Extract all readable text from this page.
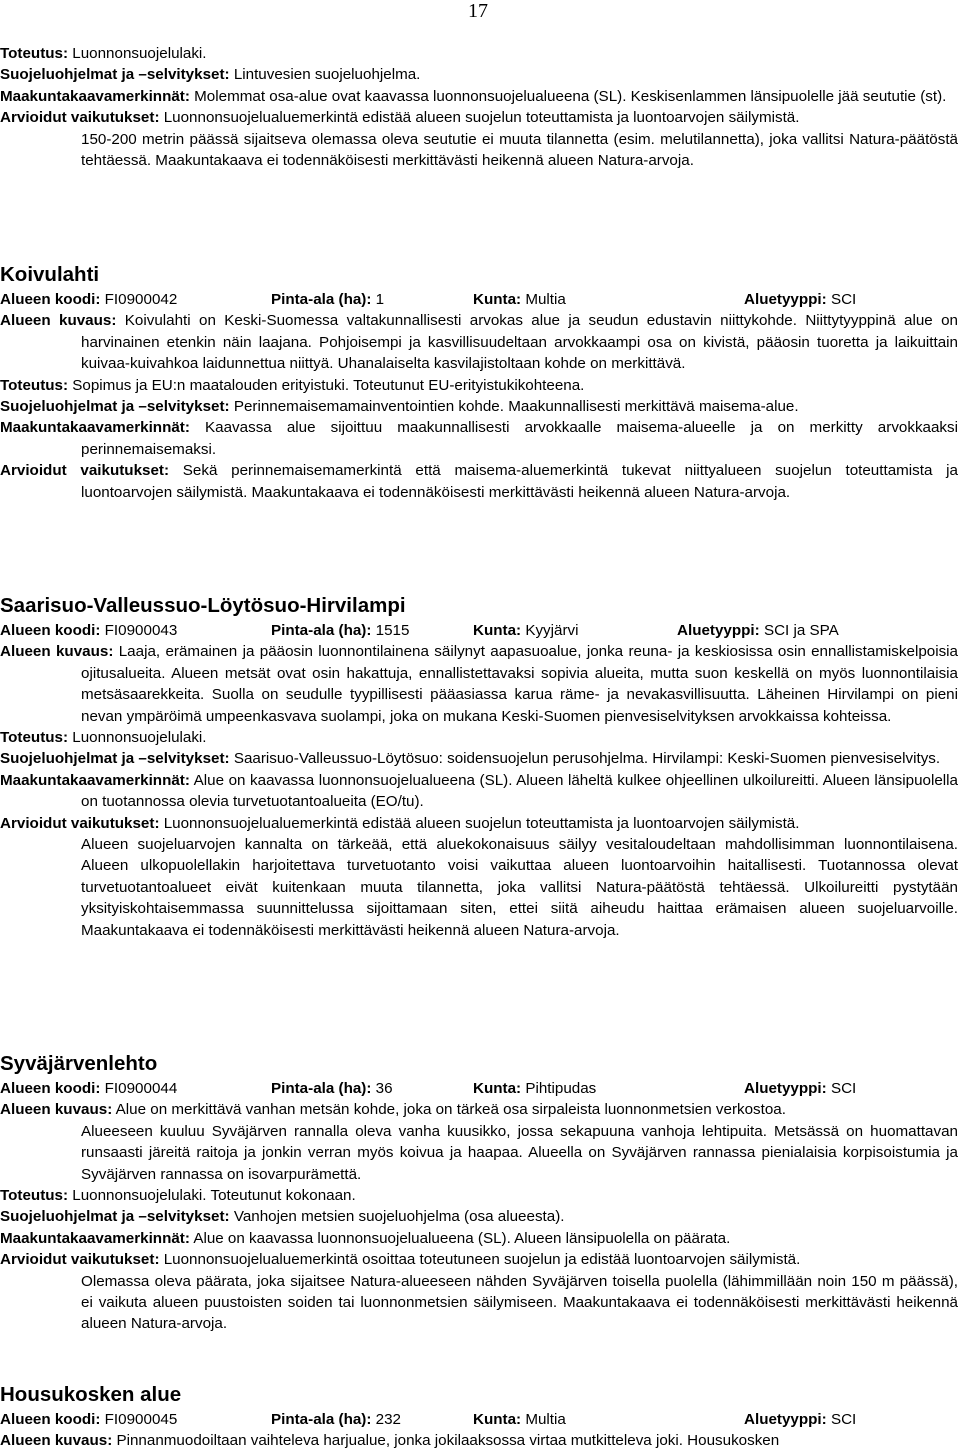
17
Toteutus: Luonnonsuojelulaki.
Suojeluohjelmat ja –selvitykset: Lintuvesien suojeluohjelma.
Maakuntakaavamerkinnät: Molemmat osa-alue ovat kaavassa luonnonsuojelualueena (SL). Keskisenlammen länsipuolelle jää seututie (st).
Arvioidut vaikutukset: Luonnonsuojelualuemerkintä edistää alueen suojelun toteuttamista ja luontoarvojen säilymistä.
150-200 metrin päässä sijaitseva olemassa oleva seututie ei muuta tilannetta (esim. melutilannetta), joka vallitsi Natura-päätöstä tehtäessä. Maakuntakaava ei todennäköisesti merkittävästi heikennä alueen Natura-arvoja.
Koivulahti
Alueen koodi: FI0900042	Pinta-ala (ha): 1	Kunta: Multia	Aluetyyppi: SCI
Alueen kuvaus: Koivulahti on Keski-Suomessa valtakunnallisesti arvokas alue ja seudun edustavin niittykohde. Niittytyyppinä alue on harvinainen etenkin näin laajana. Pohjoisempi ja kasvillisuudeltaan arvokkaampi osa on kivistä, pääosin tuoretta ja laikuittain kuivaa-kuivahkoa laidunnettua niittyä. Uhanalaiselta kasvilajistoltaan kohde on merkittävä.
Toteutus: Sopimus ja EU:n maatalouden erityistuki. Toteutunut EU-erityistukikohteena.
Suojeluohjelmat ja –selvitykset: Perinnemaisemamainventointien kohde. Maakunnallisesti merkittävä maisema-alue.
Maakuntakaavamerkinnät: Kaavassa alue sijoittuu maakunnallisesti arvokkaalle maisema-alueelle ja on merkitty arvokkaaksi perinnemaisemaksi.
Arvioidut vaikutukset: Sekä perinnemaisemamerkintä että maisema-aluemerkintä tukevat niittyalueen suojelun toteuttamista ja luontoarvojen säilymistä. Maakuntakaava ei todennäköisesti merkittävästi heikennä alueen Natura-arvoja.
Saarisuo-Valleussuo-Löytösuo-Hirvilampi
Alueen koodi: FI0900043	Pinta-ala (ha): 1515	Kunta: Kyyjärvi	Aluetyyppi: SCI ja SPA
Alueen kuvaus: Laaja, erämainen ja pääosin luonnontilainena säilynyt aapasuoalue, jonka reuna- ja keskiosissa osin ennallistamiskelpoisia ojitusalueita. Alueen metsät ovat osin hakattuja, ennallistettavaksi sopivia alueita, mutta suon keskellä on myös luonnontilaisia metsäsaarekkeita. Suolla on seudulle tyypillisesti pääasiassa karua räme- ja nevakasvillisuutta. Läheinen Hirvilampi on pieni nevan ympäröimä umpeenkasvava suolampi, joka on mukana Keski-Suomen pienvesiselvityksen arvokkaissa kohteissa.
Toteutus: Luonnonsuojelulaki.
Suojeluohjelmat ja –selvitykset: Saarisuo-Valleussuo-Löytösuo: soidensuojelun perusohjelma. Hirvilampi: Keski-Suomen pienvesiselvitys.
Maakuntakaavamerkinnät: Alue on kaavassa luonnonsuojelualueena (SL). Alueen läheltä kulkee ohjeellinen ulkoilureitti. Alueen länsipuolella on tuotannossa olevia turvetuotantoalueita (EO/tu).
Arvioidut vaikutukset: Luonnonsuojelualuemerkintä edistää alueen suojelun toteuttamista ja luontoarvojen säilymistä.
Alueen suojeluarvojen kannalta on tärkeää, että aluekokonaisuus säilyy vesitaloudeltaan mahdollisimman luonnontilaisena. Alueen ulkopuolellakin harjoitettava turvetuotanto voisi vaikuttaa alueen luontoarvoihin haitallisesti. Tuotannossa olevat turvetuotantoalueet eivät kuitenkaan muuta tilannetta, joka vallitsi Natura-päätöstä tehtäessä. Ulkoilureitti pystytään yksityiskohtaisemmassa suunnittelussa sijoittamaan siten, ettei siitä aiheudu haittaa erämaisen alueen suojeluarvoille. Maakuntakaava ei todennäköisesti merkittävästi heikennä alueen Natura-arvoja.
Syväjärvenlehto
Alueen koodi: FI0900044	Pinta-ala (ha): 36	Kunta: Pihtipudas	Aluetyyppi: SCI
Alueen kuvaus: Alue on merkittävä vanhan metsän kohde, joka on tärkeä osa sirpaleista luonnonmetsien verkostoa.
Alueeseen kuuluu Syväjärven rannalla oleva vanha kuusikko, jossa sekapuuna vanhoja lehtipuita. Metsässä on huomattavan runsaasti järeitä raitoja ja jonkin verran myös koivua ja haapaa. Alueella on Syväjärven rannassa pienialaisia korpisoistumia ja Syväjärven rannassa on isovarpurämettä.
Toteutus: Luonnonsuojelulaki. Toteutunut kokonaan.
Suojeluohjelmat ja –selvitykset: Vanhojen metsien suojeluohjelma (osa alueesta).
Maakuntakaavamerkinnät: Alue on kaavassa luonnonsuojelualueena (SL). Alueen länsipuolella on päärata.
Arvioidut vaikutukset: Luonnonsuojelualuemerkintä osoittaa toteutuneen suojelun ja edistää luontoarvojen säilymistä.
Olemassa oleva päärata, joka sijaitsee Natura-alueeseen nähden Syväjärven toisella puolella (lähimmillään noin 150 m päässä), ei vaikuta alueen puustoisten soiden tai luonnonmetsien säilymiseen. Maakuntakaava ei todennäköisesti merkittävästi heikennä alueen Natura-arvoja.
Housukosken alue
Alueen koodi: FI0900045	Pinta-ala (ha): 232	Kunta: Multia	Aluetyyppi: SCI
Alueen kuvaus: Pinnanmuodoiltaan vaihteleva harjualue, jonka jokilaaksossa virtaa mutkitteleva joki. Housukosken
